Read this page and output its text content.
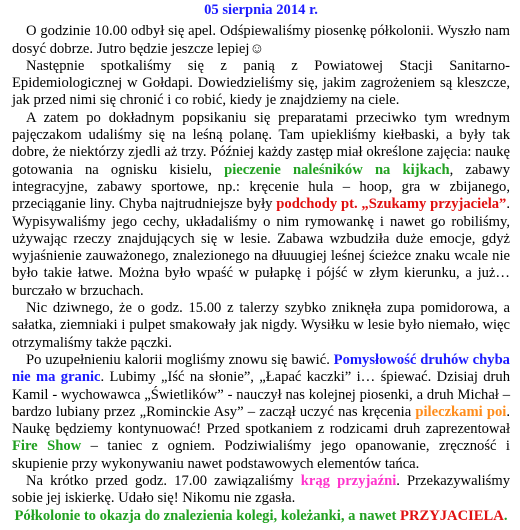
05 sierpnia 2014 r.

O godzinie 10.00 odbył się apel. Odśpiewaliśmy piosenkę półkolonii. Wyszło nam dosyć dobrze. Jutro będzie jeszcze lepiej☺

Następnie spotkaliśmy się z panią z Powiatowej Stacji Sanitarno-Epidemiologicznej w Gołdapi. Dowiedzieliśmy się, jakim zagrożeniem są kleszcze, jak przed nimi się chronić i co robić, kiedy je znajdziemy na ciele.

A zatem po dokładnym popsikaniu się preparatami przeciwko tym wrednym pajęczakom udaliśmy się na leśną polanę. Tam upiekliśmy kiełbaski, a były tak dobre, że niektórzy zjedli aż trzy. Później każdy zastęp miał określone zajęcia: naukę gotowania na ognisku kisielu, pieczenie naleśników na kijkach, zabawy integracyjne, zabawy sportowe, np.: kręcenie hula – hoop, gra w zbijanego, przeciąganie liny. Chyba najtrudniejsze były podchody pt. „Szukamy przyjaciela”. Wypisywaliśmy jego cechy, układaliśmy o nim rymowankę i nawet go robiliśmy, używając rzeczy znajdujących się w lesie. Zabawa wzbudziła duże emocje, gdyż wyjaśnienie zauważonego, znalezionego na dłuuugiej leśnej ścieżce znaku wcale nie było takie łatwe. Można było wpaść w pułapkę i pójść w złym kierunku, a już… burczało w brzuchach.

Nic dziwnego, że o godz. 15.00 z talerzy szybko zniknęła zupa pomidorowa, a sałatka, ziemniaki i pulpet smakowały jak nigdy. Wysiłku w lesie było niemało, więc otrzymaliśmy także pączki.

Po uzupełnieniu kalorii mogliśmy znowu się bawić. Pomysłowość druhów chyba nie ma granic. Lubimy „Iść na słonie”, „Łapać kaczki” i… śpiewać. Dzisiaj druh Kamil - wychowawca „Świetlików” - nauczył nas kolejnej piosenki, a druh Michał – bardzo lubiany przez „Rominckie Asy” – zaczął uczyć nas kręcenia pileczkami poi. Naukę będziemy kontynuować! Przed spotkaniem z rodzicami druh zaprezentował Fire Show – taniec z ogniem. Podziwialiśmy jego opanowanie, zręczność i skupienie przy wykonywaniu nawet podstawowych elementów tańca.

Na krótko przed godz. 17.00 zawiązaliśmy krąg przyjaźni. Przekazywaliśmy sobie jej iskierkę. Udało się! Nikomu nie zgasła.

Półkolonie to okazja do znalezienia kolegi, koleżanki, a nawet PRZYJACIELA.
